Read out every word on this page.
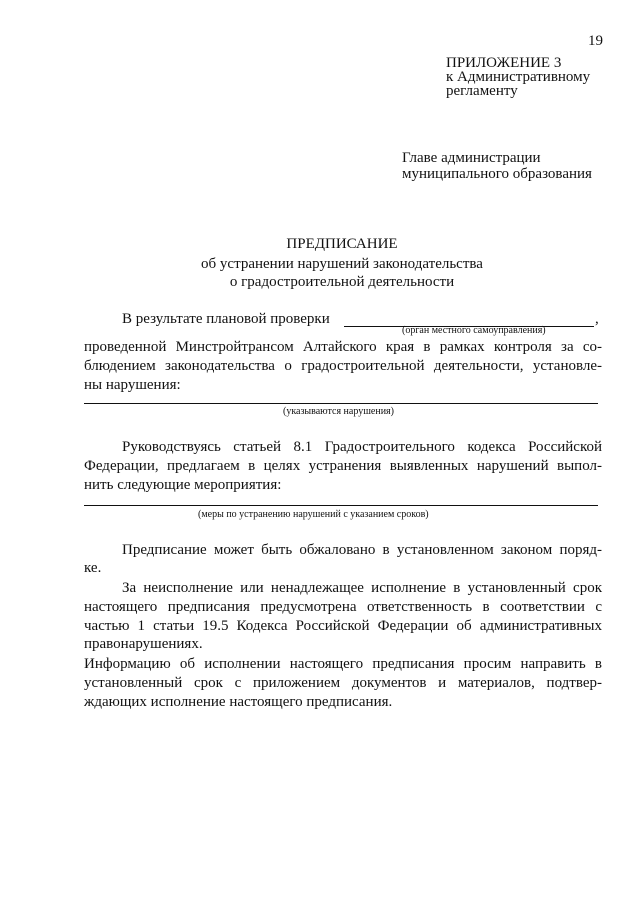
19
ПРИЛОЖЕНИЕ 3
к Административному
регламенту
Главе администрации
муниципального образования
ПРЕДПИСАНИЕ
об устранении нарушений законодательства
о градостроительной деятельности
В результате плановой проверки	,
(орган местного самоуправления)
проведенной Минстройтрансом Алтайского края в рамках контроля за со-
блюдением законодательства о градостроительной деятельности, установле-
ны нарушения:
(указываются нарушения)
Руководствуясь статьей 8.1 Градостроительного кодекса Российской
Федерации, предлагаем в целях устранения выявленных нарушений выпол-
нить следующие мероприятия:
(меры по устранению нарушений с указанием сроков)
Предписание может быть обжаловано в установленном законом поряд-
ке.
За неисполнение или ненадлежащее исполнение в установленный срок
настоящего предписания предусмотрена ответственность в соответствии с
частью 1 статьи 19.5 Кодекса Российской Федерации об административных
правонарушениях.
Информацию об исполнении настоящего предписания просим направить в
установленный срок с приложением документов и материалов, подтвер-
ждающих исполнение настоящего предписания.
